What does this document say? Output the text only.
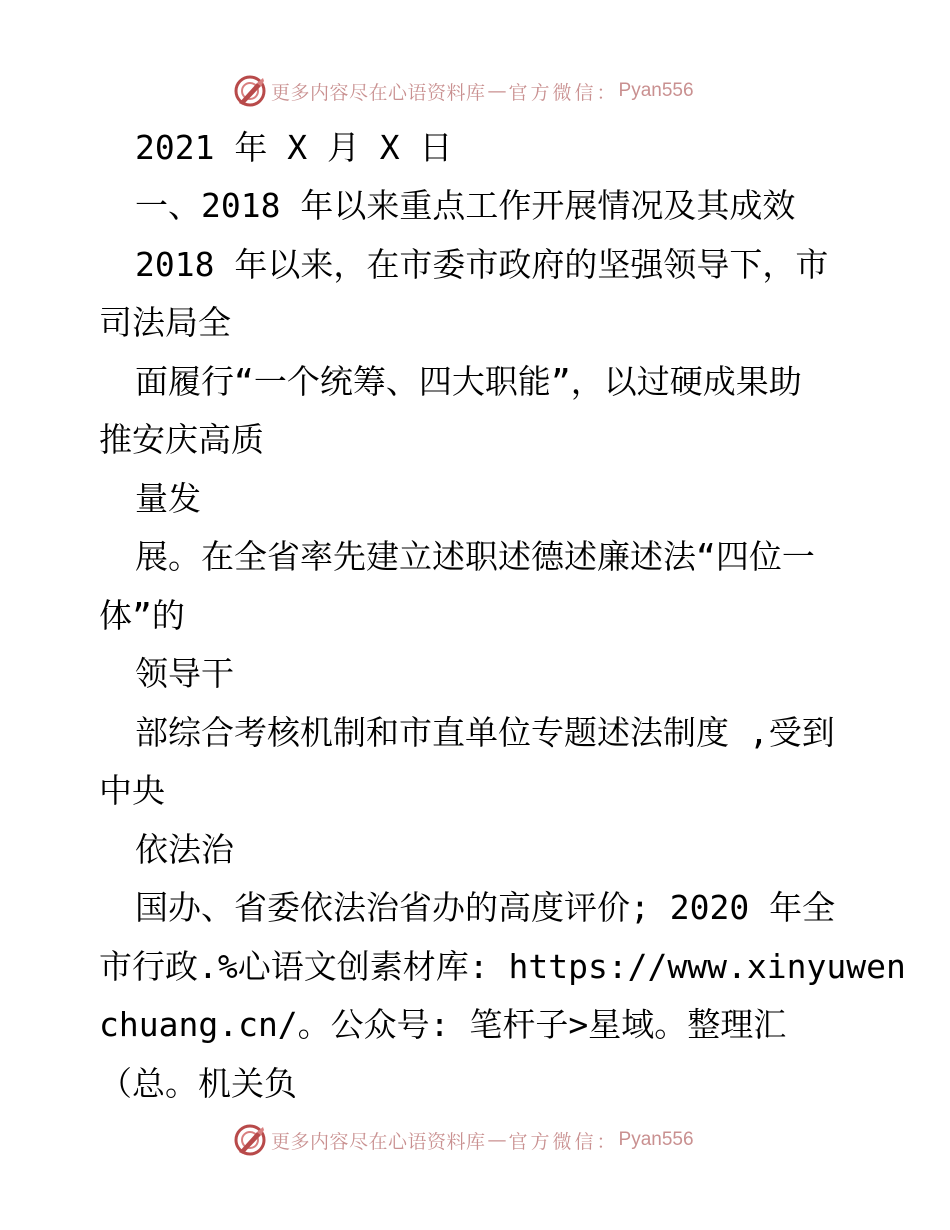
更多内容尽在心语资料库 — 官方微信： Pyan556
2021 年 X 月 X 日
一、2018 年以来重点工作开展情况及其成效
2018 年以来，在市委市政府的坚强领导下，市
司法局全
面履行“一个统筹、四大职能”，以过硬成果助
推安庆高质
量发
展。在全省率先建立述职述德述廉述法“四位一
体”的
领导干
部综合考核机制和市直单位专题述法制度 ,受到
中央
依法治
国办、省委依法治省办的高度评价; 2020 年全
市行政.%心语文创素材库: https://www.xinyuwen
chuang.cn/。公众号: 笔杆子>星域。整理汇
（总。机关负
更多内容尽在心语资料库 — 官方微信： Pyan556
